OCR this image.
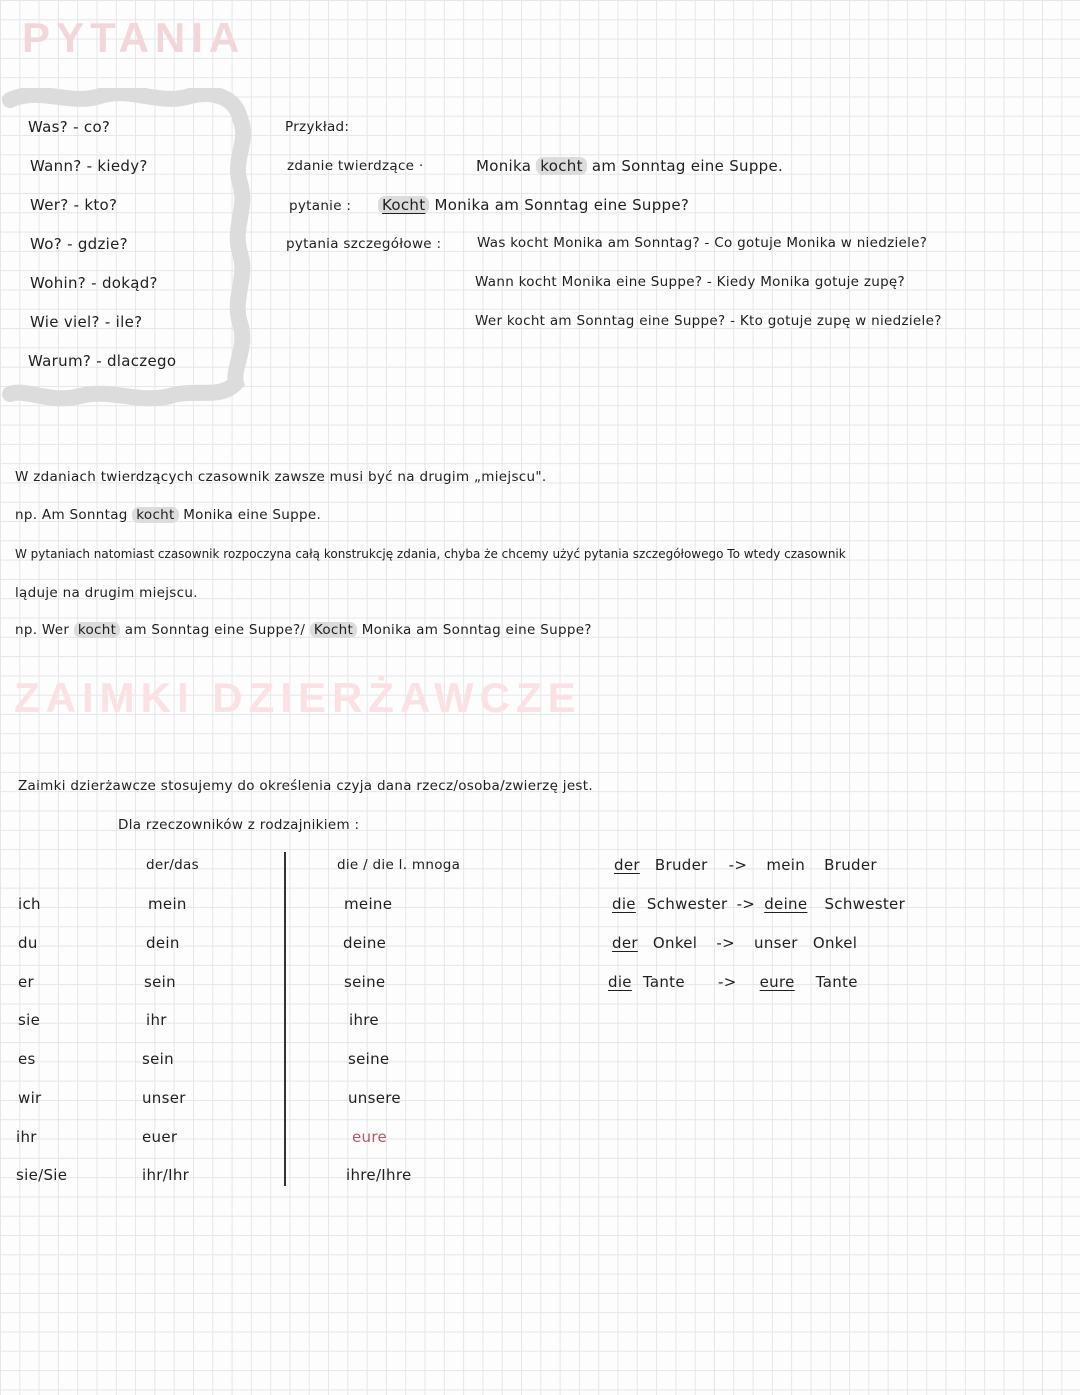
PYTANIA
Was? - co?
Wann? - kiedy?
Wer? - kto?
Wo? - gdzie?
Wohin? - dokąd?
Wie viel? - ile?
Warum? - dlaczego
Przykład:
zdanie twierdzące ·	Monika kocht am Sonntag eine Suppe.
pytanie : Kocht Monika am Sonntag eine Suppe?
pytania szczegółowe :	Was kocht Monika am Sonntag? - Co gotuje Monika w niedziele?
Wann kocht Monika eine Suppe? - Kiedy Monika gotuje zupę?
Wer kocht am Sonntag eine Suppe? - Kto gotuje zupę w niedziele?
W zdaniach twierdzących czasownik zawsze musi być na drugim „miejscu".
np. Am Sonntag kocht Monika eine Suppe.
W pytaniach natomiast czasownik rozpoczyna całą konstrukcję zdania, chyba że chcemy użyć pytania szczegółowego To wtedy czasownik
ląduje na drugim miejscu.
np. Wer kocht am Sonntag eine Suppe?/ Kocht Monika am Sonntag eine Suppe?
ZAIMKI DZIERŻAWCZE
Zaimki dzierżawcze stosujemy do określenia czyja dana rzecz/osoba/zwierzę jest.
Dla rzeczowników z rodzajnikiem :
der/das	die / die l. mnoga
ich	mein	meine
du	dein	deine
er	sein	seine
sie	ihr	ihre
es	sein	seine
wir	unser	unsere
ihr	euer	eure
sie/Sie	ihr/Ihr	ihre/Ihre
der Bruder -> mein Bruder
die Schwester -> deine Schwester
der Onkel -> unser Onkel
die Tante -> eure Tante
